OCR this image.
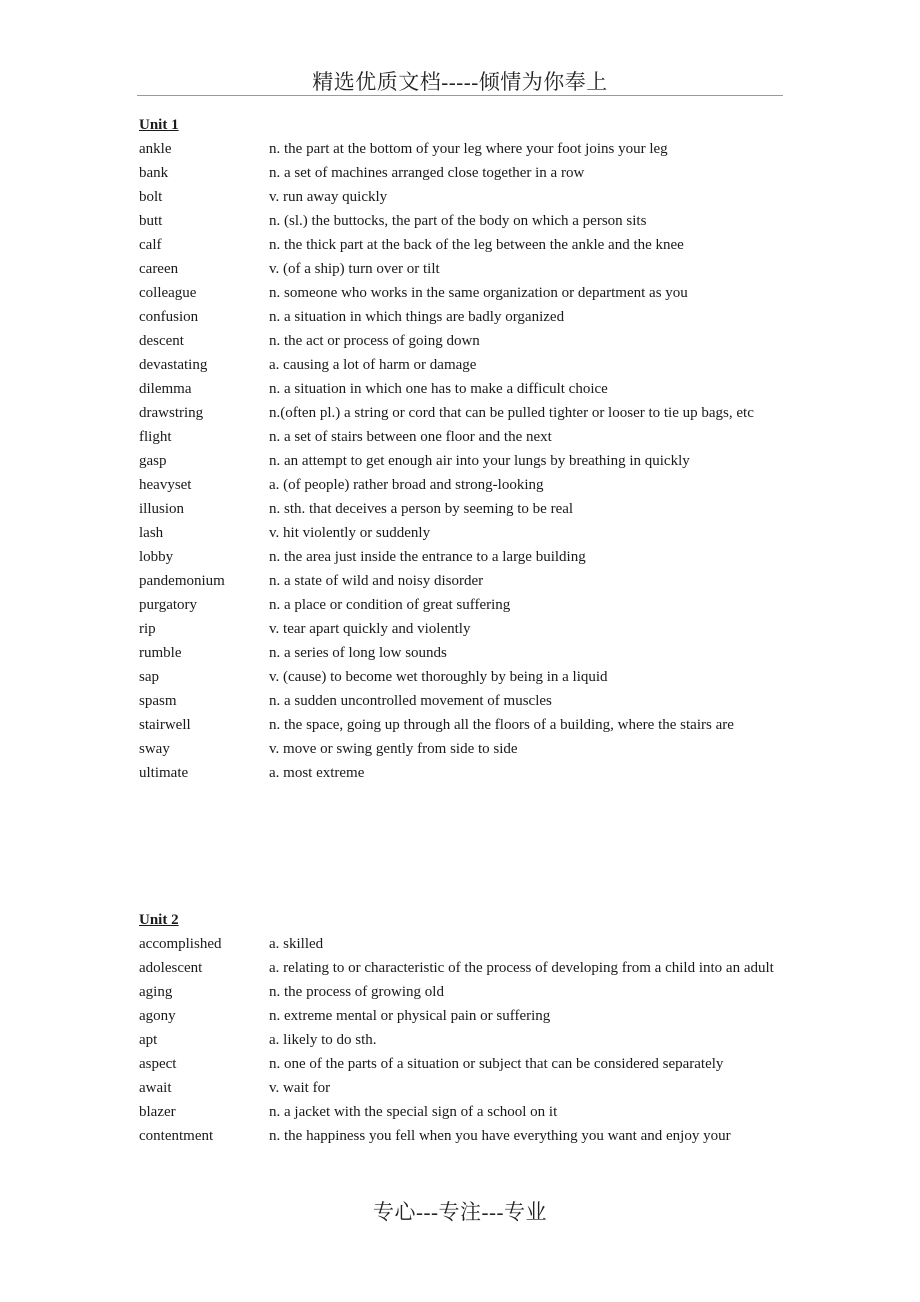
精选优质文档-----倾情为你奉上
Unit 1
ankle	n. the part at the bottom of your leg where your foot joins your leg
bank	n. a set of machines arranged close together in a row
bolt	v. run away quickly
butt	n. (sl.) the buttocks, the part of the body on which a person sits
calf	n. the thick part at the back of the leg between the ankle and the knee
careen	v. (of a ship) turn over or tilt
colleague	n. someone who works in the same organization or department as you
confusion	n. a situation in which things are badly organized
descent	n. the act or process of going down
devastating	a. causing a lot of harm or damage
dilemma	n. a situation in which one has to make a difficult choice
drawstring	n.(often pl.) a string or cord that can be pulled tighter or looser to tie up bags, etc
flight	n. a set of stairs between one floor and the next
gasp	n. an attempt to get enough air into your lungs by breathing in quickly
heavyset	a. (of people) rather broad and strong-looking
illusion	n. sth. that deceives a person by seeming to be real
lash	v. hit violently or suddenly
lobby	n. the area just inside the entrance to a large building
pandemonium	n. a state of wild and noisy disorder
purgatory	n. a place or condition of great suffering
rip	v. tear apart quickly and violently
rumble	n. a series of long low sounds
sap	v. (cause) to become wet thoroughly by being in a liquid
spasm	n. a sudden uncontrolled movement of muscles
stairwell	n. the space, going up through all the floors of a building, where the stairs are
sway	v. move or swing gently from side to side
ultimate	a. most extreme
Unit 2
accomplished	a. skilled
adolescent	a. relating to or characteristic of the process of developing from a child into an adult
aging	n. the process of growing old
agony	n. extreme mental or physical pain or suffering
apt	a. likely to do sth.
aspect	n. one of the parts of a situation or subject that can be considered separately
await	v. wait for
blazer	n. a jacket with the special sign of a school on it
contentment	n. the happiness you fell when you have everything you want and enjoy your
专心---专注---专业
